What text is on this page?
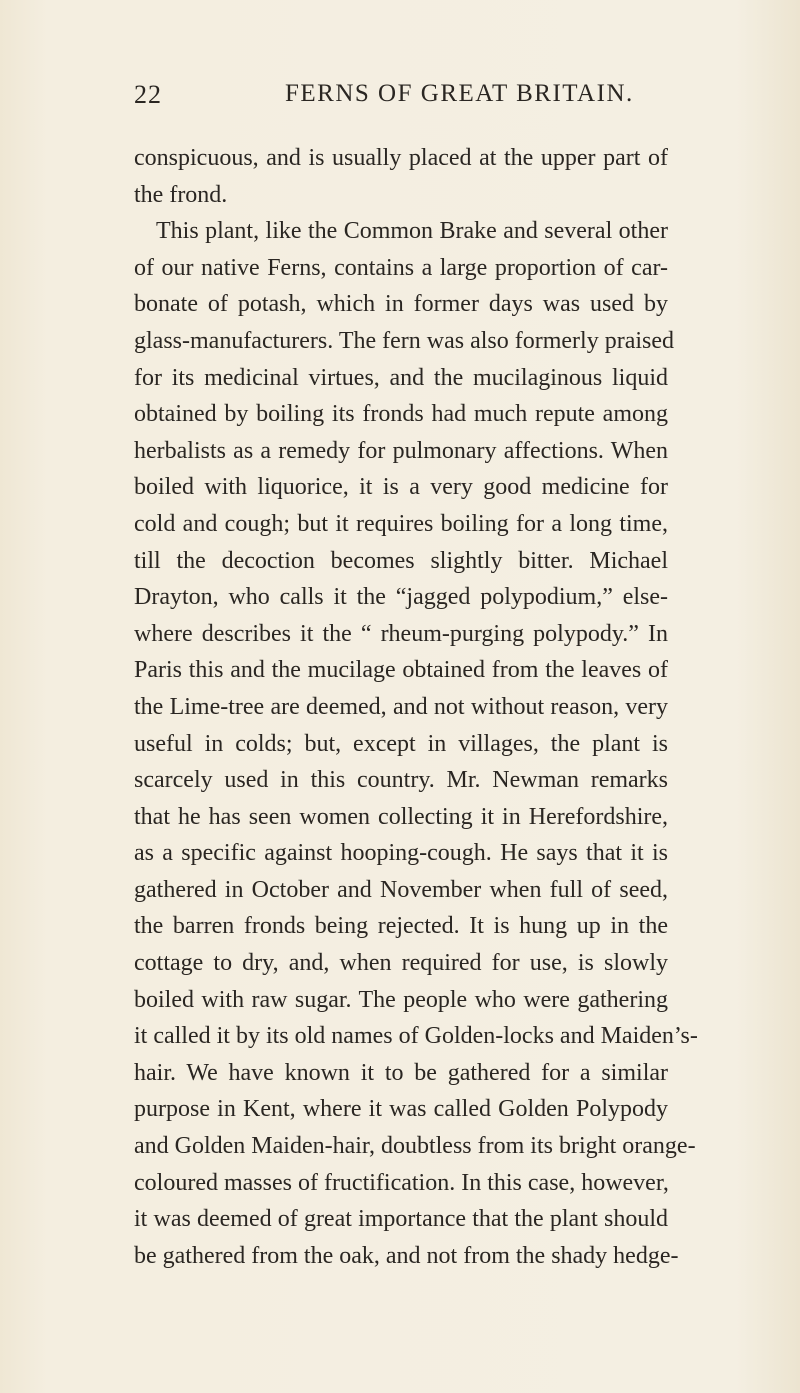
22	FERNS OF GREAT BRITAIN.
conspicuous, and is usually placed at the upper part of
the frond.
This plant, like the Common Brake and several other
of our native Ferns, contains a large proportion of car-
bonate of potash, which in former days was used by
glass-manufacturers. The fern was also formerly praised
for its medicinal virtues, and the mucilaginous liquid
obtained by boiling its fronds had much repute among
herbalists as a remedy for pulmonary affections. When
boiled with liquorice, it is a very good medicine for
cold and cough; but it requires boiling for a long time,
till the decoction becomes slightly bitter. Michael
Drayton, who calls it the “jagged polypodium,” else-
where describes it the “ rheum-purging polypody.” In
Paris this and the mucilage obtained from the leaves of
the Lime-tree are deemed, and not without reason, very
useful in colds; but, except in villages, the plant is
scarcely used in this country. Mr. Newman remarks
that he has seen women collecting it in Herefordshire,
as a specific against hooping-cough. He says that it is
gathered in October and November when full of seed,
the barren fronds being rejected. It is hung up in the
cottage to dry, and, when required for use, is slowly
boiled with raw sugar. The people who were gathering
it called it by its old names of Golden-locks and Maiden’s-
hair. We have known it to be gathered for a similar
purpose in Kent, where it was called Golden Polypody
and Golden Maiden-hair, doubtless from its bright orange-
coloured masses of fructification. In this case, however,
it was deemed of great importance that the plant should
be gathered from the oak, and not from the shady hedge-
